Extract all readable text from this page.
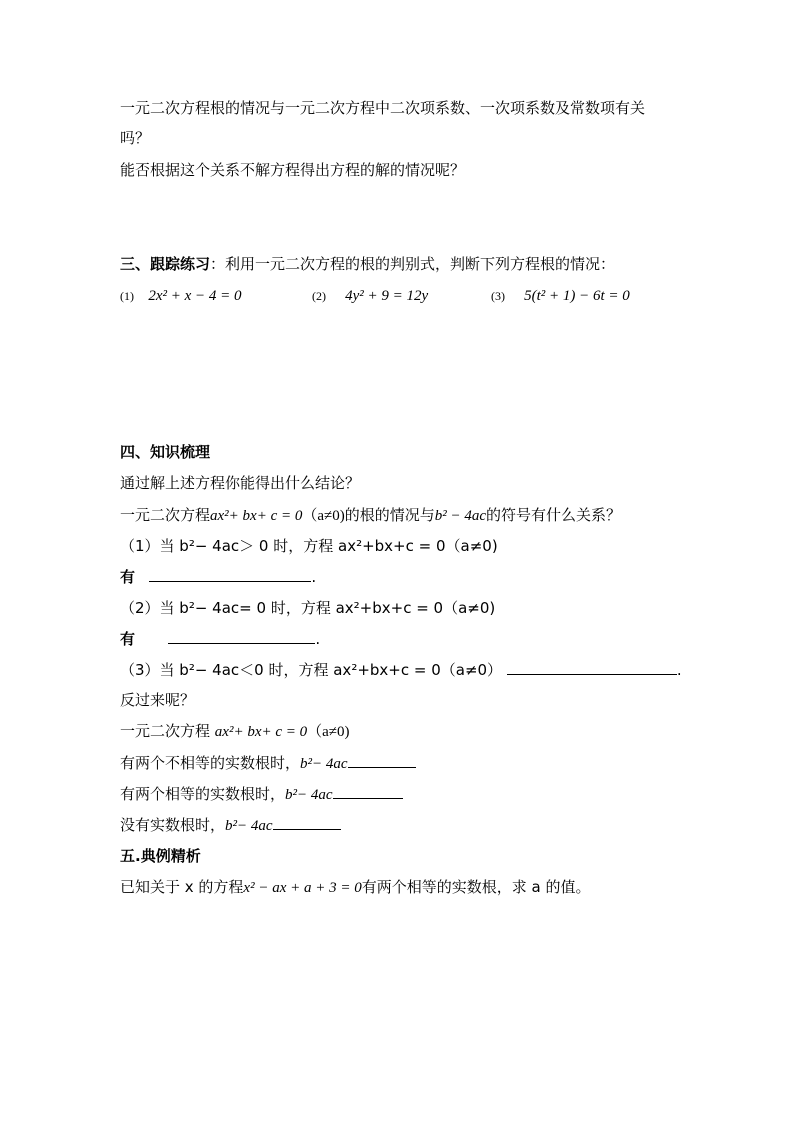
一元二次方程根的情况与一元二次方程中二次项系数、一次项系数及常数项有关
吗？
能否根据这个关系不解方程得出方程的解的情况呢？
三、跟踪练习：利用一元二次方程的根的判别式，判断下列方程根的情况：
(1) 2x² + x − 4 = 0	(2) 4y² + 9 = 12y	(3) 5(t² + 1) − 6t = 0
四、知识梳理
通过解上述方程你能得出什么结论？
一元二次方程ax²+ bx+ c = 0（a≠0)的根的情况与b² − 4ac的符号有什么关系？
（1）当 b²− 4ac＞ 0 时，方程 ax²+bx+c = 0（a≠0)
有	.
（2）当 b²− 4ac= 0 时，方程 ax²+bx+c = 0（a≠0)
有	.
（3）当 b²− 4ac＜0 时，方程 ax²+bx+c = 0（a≠0）	.
反过来呢？
一元二次方程 ax²+ bx+ c = 0（a≠0)
有两个不相等的实数根时，b²− 4ac
有两个相等的实数根时，b²− 4ac
没有实数根时，b²− 4ac
五.典例精析
已知关于 x 的方程x² − ax + a + 3 = 0有两个相等的实数根，求 a 的值。
